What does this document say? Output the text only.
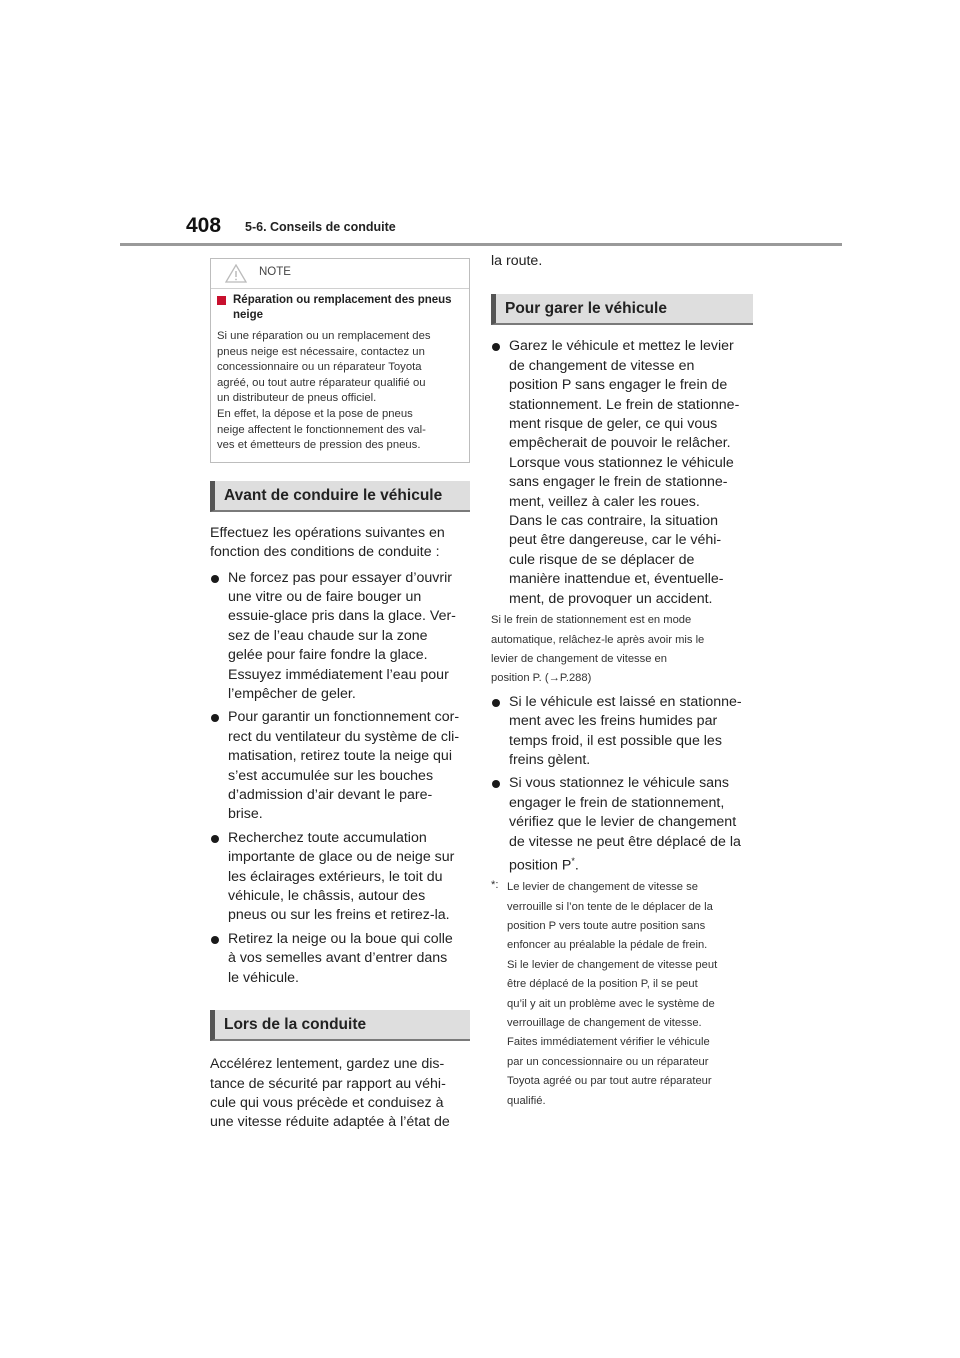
408 5-6. Conseils de conduite
NOTE
Réparation ou remplacement des pneus neige
Si une réparation ou un remplacement des
pneus neige est nécessaire, contactez un
concessionnaire ou un réparateur Toyota
agréé, ou tout autre réparateur qualifié ou
un distributeur de pneus officiel.
En effet, la dépose et la pose de pneus
neige affectent le fonctionnement des val-
ves et émetteurs de pression des pneus.
Avant de conduire le véhicule
Effectuez les opérations suivantes en
fonction des conditions de conduite :
Ne forcez pas pour essayer d’ouvrir
une vitre ou de faire bouger un
essuie-glace pris dans la glace. Ver-
sez de l’eau chaude sur la zone
gelée pour faire fondre la glace.
Essuyez immédiatement l’eau pour
l’empêcher de geler.
Pour garantir un fonctionnement cor-
rect du ventilateur du système de cli-
matisation, retirez toute la neige qui
s’est accumulée sur les bouches
d’admission d’air devant le pare-
brise.
Recherchez toute accumulation
importante de glace ou de neige sur
les éclairages extérieurs, le toit du
véhicule, le châssis, autour des
pneus ou sur les freins et retirez-la.
Retirez la neige ou la boue qui colle
à vos semelles avant d’entrer dans
le véhicule.
Lors de la conduite
Accélérez lentement, gardez une dis-
tance de sécurité par rapport au véhi-
cule qui vous précède et conduisez à
une vitesse réduite adaptée à l’état de
la route.
Pour garer le véhicule
Garez le véhicule et mettez le levier
de changement de vitesse en
position P sans engager le frein de
stationnement. Le frein de stationne-
ment risque de geler, ce qui vous
empêcherait de pouvoir le relâcher.
Lorsque vous stationnez le véhicule
sans engager le frein de stationne-
ment, veillez à caler les roues.
Dans le cas contraire, la situation
peut être dangereuse, car le véhi-
cule risque de se déplacer de
manière inattendue et, éventuelle-
ment, de provoquer un accident.
Si le frein de stationnement est en mode
automatique, relâchez-le après avoir mis le
levier de changement de vitesse en
position P. (→P.288)
Si le véhicule est laissé en stationne-
ment avec les freins humides par
temps froid, il est possible que les
freins gèlent.
Si vous stationnez le véhicule sans
engager le frein de stationnement,
vérifiez que le levier de changement
de vitesse ne peut être déplacé de la
position P*.
*: Le levier de changement de vitesse se
verrouille si l’on tente de le déplacer de la
position P vers toute autre position sans
enfoncer au préalable la pédale de frein.
Si le levier de changement de vitesse peut
être déplacé de la position P, il se peut
qu’il y ait un problème avec le système de
verrouillage de changement de vitesse.
Faites immédiatement vérifier le véhicule
par un concessionnaire ou un réparateur
Toyota agréé ou par tout autre réparateur
qualifié.
